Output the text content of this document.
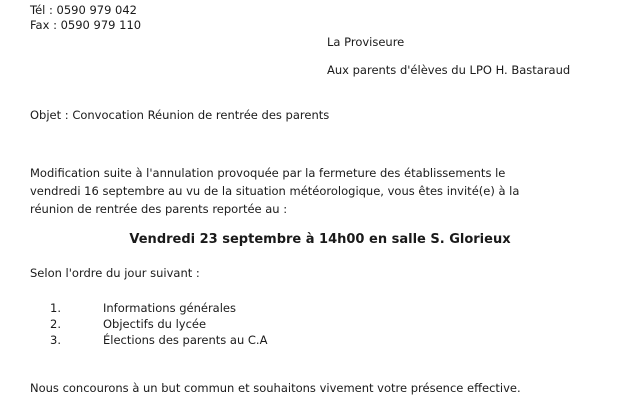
Tél : 0590 979 042
Fax : 0590 979 110
La Proviseure
Aux parents d'élèves du LPO H. Bastaraud
Objet : Convocation Réunion de rentrée des parents
Modification suite à l'annulation provoquée par la fermeture des établissements le
vendredi 16 septembre au vu de la situation météorologique, vous êtes invité(e) à la
réunion de rentrée des parents reportée au :
Vendredi 23 septembre à 14h00 en salle S. Glorieux
Selon l'ordre du jour suivant :
1.	Informations générales
2.	Objectifs du lycée
3.	Élections des parents au C.A
Nous concourons à un but commun et souhaitons vivement votre présence effective.
